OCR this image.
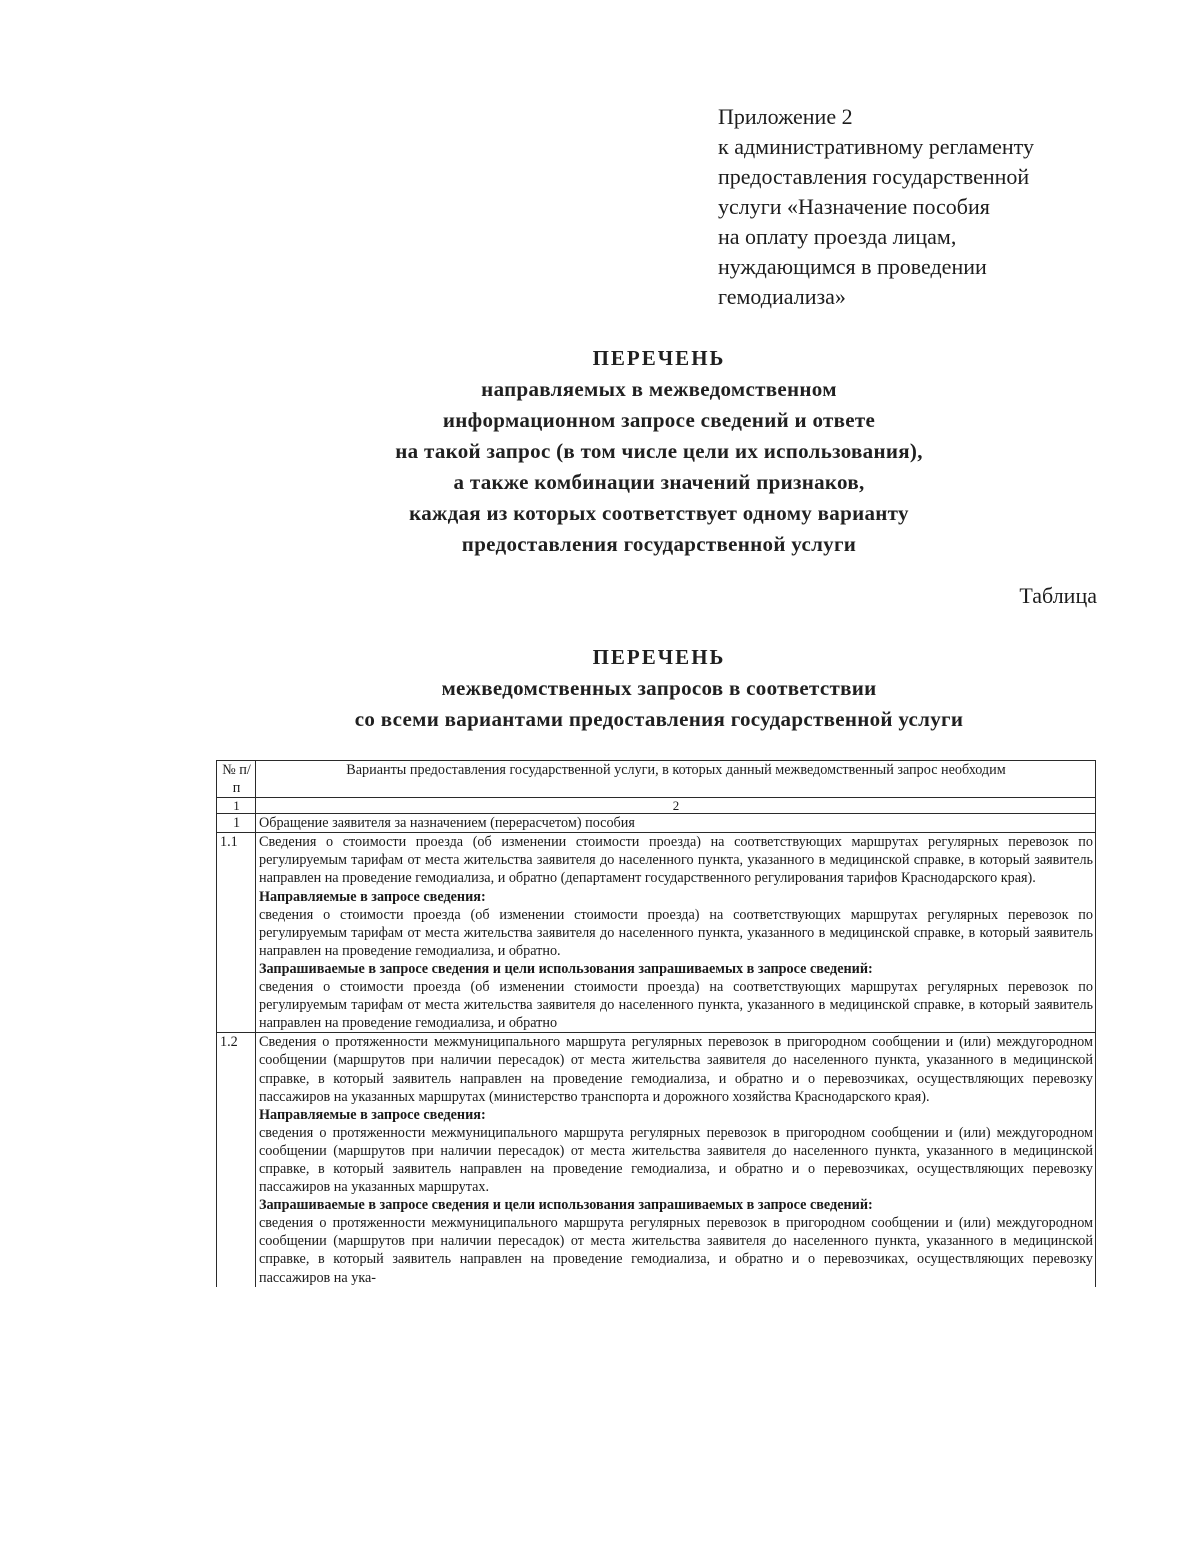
Приложение 2
к административному регламенту
предоставления государственной
услуги «Назначение пособия
на оплату проезда лицам,
нуждающимся в проведении
гемодиализа»
ПЕРЕЧЕНЬ
направляемых в межведомственном
информационном запросе сведений и ответе
на такой запрос (в том числе цели их использования),
а также комбинации значений признаков,
каждая из которых соответствует одному варианту
предоставления государственной услуги
Таблица
ПЕРЕЧЕНЬ
межведомственных запросов в соответствии
со всеми вариантами предоставления государственной услуги
№ п/п	Варианты предоставления государственной услуги, в которых данный межведомственный запрос необходим
1	2
1	Обращение заявителя за назначением (перерасчетом) пособия
1.1	Сведения о стоимости проезда (об изменении стоимости проезда) на соответствующих маршрутах регулярных перевозок по регулируемым тарифам от места жительства заявителя до населенного пункта, указанного в медицинской справке, в который заявитель направлен на проведение гемодиализа, и обратно (департамент государственного регулирования тарифов Краснодарского края).
Направляемые в запросе сведения:
сведения о стоимости проезда (об изменении стоимости проезда) на соответствующих маршрутах регулярных перевозок по регулируемым тарифам от места жительства заявителя до населенного пункта, указанного в медицинской справке, в который заявитель направлен на проведение гемодиализа, и обратно.
Запрашиваемые в запросе сведения и цели использования запрашиваемых в запросе сведений:
сведения о стоимости проезда (об изменении стоимости проезда) на соответствующих маршрутах регулярных перевозок по регулируемым тарифам от места жительства заявителя до населенного пункта, указанного в медицинской справке, в который заявитель направлен на проведение гемодиализа, и обратно

1.2	Сведения о протяженности межмуниципального маршрута регулярных перевозок в пригородном сообщении и (или) междугородном сообщении (маршрутов при наличии пересадок) от места жительства заявителя до населенного пункта, указанного в медицинской справке, в который заявитель направлен на проведение гемодиализа, и обратно и о перевозчиках, осуществляющих перевозку пассажиров на указанных маршрутах (министерство транспорта и дорожного хозяйства Краснодарского края).
Направляемые в запросе сведения:
сведения о протяженности межмуниципального маршрута регулярных перевозок в пригородном сообщении и (или) междугородном сообщении (маршрутов при наличии пересадок) от места жительства заявителя до населенного пункта, указанного в медицинской справке, в который заявитель направлен на проведение гемодиализа, и обратно и о перевозчиках, осуществляющих перевозку пассажиров на указанных маршрутах.
Запрашиваемые в запросе сведения и цели использования запрашиваемых в запросе сведений:
сведения о протяженности межмуниципального маршрута регулярных перевозок в пригородном сообщении и (или) междугородном сообщении (маршрутов при наличии пересадок) от места жительства заявителя до населенного пункта, указанного в медицинской справке, в который заявитель направлен на проведение гемодиализа, и обратно и о перевозчиках, осуществляющих перевозку пассажиров на ука-
